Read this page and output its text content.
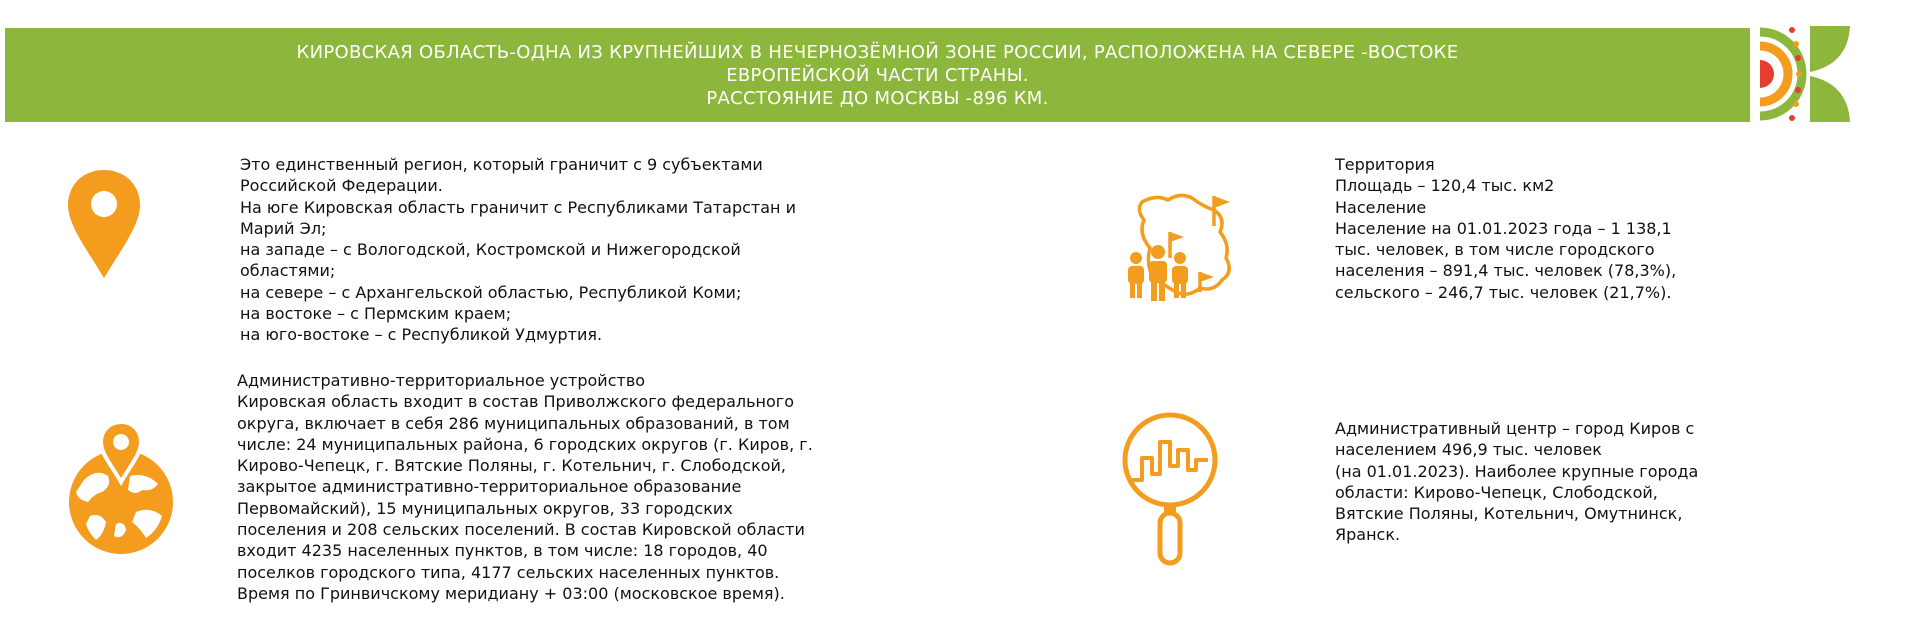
КИРОВСКАЯ ОБЛАСТЬ-ОДНА ИЗ КРУПНЕЙШИХ В НЕЧЕРНОЗЁМНОЙ ЗОНЕ РОССИИ, РАСПОЛОЖЕНА НА СЕВЕРЕ -ВОСТОКЕ
ЕВРОПЕЙСКОЙ ЧАСТИ СТРАНЫ.
РАССТОЯНИЕ ДО МОСКВЫ -896 КМ.
Это единственный регион, который граничит с 9 субъектами
Российской Федерации.
На юге Кировская область граничит с Республиками Татарстан и
Марий Эл;
на западе – с Вологодской, Костромской и Нижегородской
областями;
на севере – с Архангельской областью, Республикой Коми;
на востоке – с Пермским краем;
на юго-востоке – с Республикой Удмуртия.
Административно-территориальное устройство
Кировская область входит в состав Приволжского федерального
округа, включает в себя 286 муниципальных образований, в том
числе: 24 муниципальных района, 6 городских округов (г. Киров, г.
Кирово-Чепецк, г. Вятские Поляны, г. Котельнич, г. Слободской,
закрытое административно-территориальное образование
Первомайский), 15 муниципальных округов, 33 городских
поселения и 208 сельских поселений. В состав Кировской области
входит 4235 населенных пунктов, в том числе: 18 городов, 40
поселков городского типа, 4177 сельских населенных пунктов.
Время по Гринвичскому меридиану + 03:00 (московское время).
Территория
Площадь – 120,4 тыс. км2
Население
Население на 01.01.2023 года – 1 138,1
тыс. человек, в том числе городского
населения – 891,4 тыс. человек (78,3%),
сельского – 246,7 тыс. человек (21,7%).
Административный центр – город Киров с
населением 496,9 тыс. человек
(на 01.01.2023). Наиболее крупные города
области: Кирово-Чепецк, Слободской,
Вятские Поляны, Котельнич, Омутнинск,
Яранск.
